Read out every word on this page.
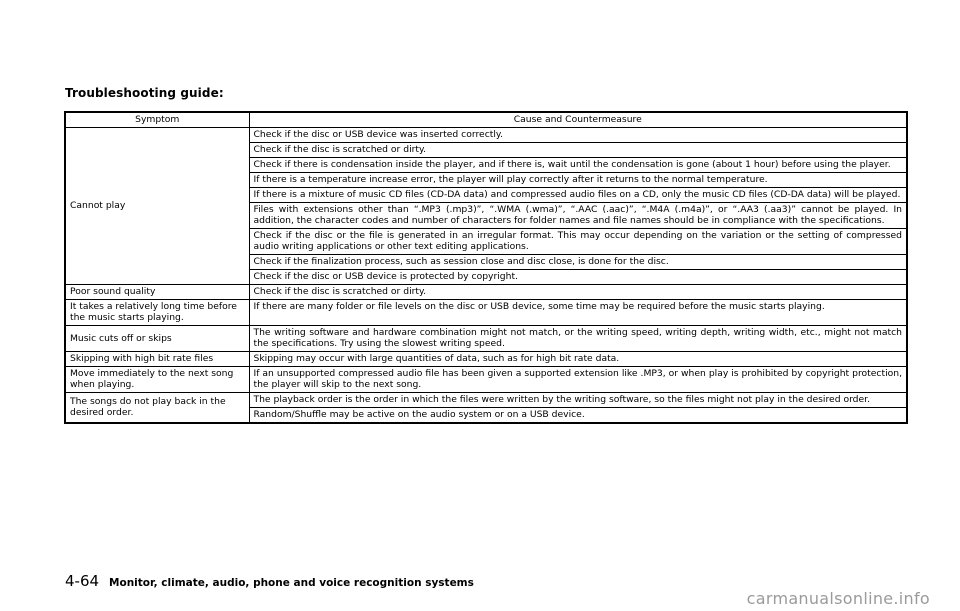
Troubleshooting guide:
Symptom	Cause and Countermeasure
Cannot play	Check if the disc or USB device was inserted correctly.
	Check if the disc is scratched or dirty.
	Check if there is condensation inside the player, and if there is, wait until the condensation is gone (about 1 hour) before using the player.
	If there is a temperature increase error, the player will play correctly after it returns to the normal temperature.
	If there is a mixture of music CD files (CD-DA data) and compressed audio files on a CD, only the music CD files (CD-DA data) will be played.
	Files with extensions other than “.MP3 (.mp3)”, “.WMA (.wma)”, “.AAC (.aac)”, “.M4A (.m4a)”, or “.AA3 (.aa3)” cannot be played. In addition, the character codes and number of characters for folder names and file names should be in compliance with the specifications.
	Check if the disc or the file is generated in an irregular format. This may occur depending on the variation or the setting of compressed audio writing applications or other text editing applications.
	Check if the finalization process, such as session close and disc close, is done for the disc.
	Check if the disc or USB device is protected by copyright.
Poor sound quality	Check if the disc is scratched or dirty.
It takes a relatively long time before the music starts playing.	If there are many folder or file levels on the disc or USB device, some time may be required before the music starts playing.
Music cuts off or skips	The writing software and hardware combination might not match, or the writing speed, writing depth, writing width, etc., might not match the specifications. Try using the slowest writing speed.
Skipping with high bit rate files	Skipping may occur with large quantities of data, such as for high bit rate data.
Move immediately to the next song when playing.	If an unsupported compressed audio file has been given a supported extension like .MP3, or when play is prohibited by copyright protection, the player will skip to the next song.
The songs do not play back in the desired order.	The playback order is the order in which the files were written by the writing software, so the files might not play in the desired order.
	Random/Shuffle may be active on the audio system or on a USB device.
4-64 Monitor, climate, audio, phone and voice recognition systems
carmanualsonline.info
